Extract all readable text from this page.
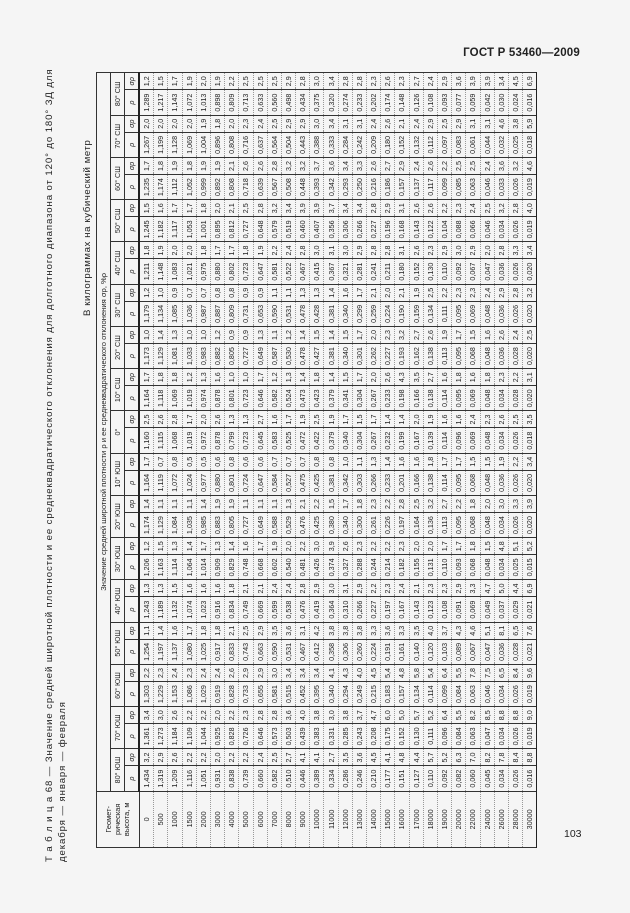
ГОСТ Р 53460—2009
Т а б л и ц а 68 — Значение средней широтной плотности и ее среднеквадратического отклонения для долготного диапазона от 120° до 180° ЗД для декабря — января — февраля
В килограммах на кубический метр
Геомет-рическая высота, м	Значение средней широтной плотности ρ и ее среднеквадратического отклонения σρ, %ρ																																	
	80° ЮШ		70° ЮШ		60° ЮШ		50° ЮШ		40° ЮШ		30° ЮШ		20° ЮШ		10° ЮШ		0°		10° СШ		20° СШ		30° СШ		40° СШ		50° СШ		60° СШ		70° СШ		80° СШ	
	ρ	σρ	ρ	σρ	ρ	σρ	ρ	σρ	ρ	σρ	ρ	σρ	ρ	σρ	ρ	σρ	ρ	σρ	ρ	σρ	ρ	σρ	ρ	σρ	ρ	σρ	ρ	σρ	ρ	σρ	ρ	σρ	ρ	σρ
0	1,434	3,2	1,361	3,4	1,303	2,2	1,254	1,1	1,243	1,3	1,206	1,2	1,174	1,4	1,164	1,7	1,160	2,5	1,164	1,7	1,173	1,0	1,179	1,2	1,211	1,8	1,245	1,5	1,235	1,7	1,267	2,0	1,289	1,2
500	1,319	2,9	1,273	3,0	1,229	2,3	1,197	1,4	1,189	1,3	1,163	1,5	1,129	1,1	1,119	0,7	1,115	2,6	1,118	1,8	1,129	1,4	1,134	1,0	1,148	1,9	1,182	1,6	1,174	1,8	1,199	2,0	1,217	1,5
1000	1,209	2,6	1,184	2,6	1,153	2,4	1,137	1,6	1,132	1,5	1,114	1,3	1,084	1,1	1,072	0,8	1,068	2,8	1,069	1,8	1,081	1,3	1,085	0,9	1,083	2,0	1,117	1,7	1,112	1,9	1,128	2,0	1,143	1,7
1500	1,116	2,2	1,109	2,2	1,086	2,3	1,080	1,7	1,074	1,6	1,064	1,4	1,035	1,1	1,024	0,5	1,019	1,7	1,019	1,2	1,033	1,0	1,036	0,7	1,021	2,0	1,053	1,7	1,052	1,8	1,069	2,0	1,072	1,9
2000	1,051	2,2	1,044	2,2	1,029	2,4	1,025	1,8	1,023	1,6	1,014	1,7	0,985	1,4	0,977	0,5	0,972	2,0	0,974	1,3	0,983	1,0	0,987	0,7	0,975	1,8	1,001	1,8	0,999	1,9	1,004	1,9	1,013	2,0
3000	0,931	2,0	0,925	2,0	0,919	2,4	0,917	1,8	0,916	1,6	0,909	1,3	0,883	1,9	0,880	0,6	0,878	2,6	0,878	1,6	0,882	1,2	0,887	0,8	0,880	1,7	0,895	2,0	0,892	1,9	0,896	1,8	0,898	1,9
4000	0,838	2,2	0,828	2,2	0,828	2,6	0,833	2,1	0,834	1,8	0,829	1,4	0,805	1,9	0,801	0,8	0,799	1,3	0,801	1,0	0,805	0,9	0,809	0,8	0,802	1,7	0,812	2,1	0,808	2,1	0,808	2,0	0,809	2,2
5000	0,739	2,2	0,726	2,3	0,733	2,9	0,743	2,5	0,749	2,1	0,748	1,6	0,727	1,1	0,724	0,6	0,723	1,3	0,723	1,0	0,727	0,9	0,731	0,9	0,723	1,8	0,727	2,5	0,718	2,6	0,716	2,3	0,713	2,5
6000	0,660	2,4	0,646	2,8	0,655	2,9	0,663	2,9	0,669	2,1	0,668	1,7	0,649	1,1	0,647	0,6	0,645	2,7	0,646	1,7	0,649	1,3	0,653	0,9	0,647	1,9	0,648	2,8	0,639	2,6	0,637	2,4	0,633	2,5
7000	0,582	2,5	0,573	2,8	0,581	3,0	0,590	3,5	0,599	2,4	0,602	1,9	0,588	1,1	0,584	0,7	0,583	1,6	0,582	1,2	0,587	1,1	0,590	1,1	0,581	2,2	0,579	3,2	0,567	2,8	0,564	2,5	0,560	2,5
8000	0,510	2,7	0,503	3,6	0,515	3,4	0,531	3,6	0,538	2,4	0,540	2,0	0,529	1,3	0,527	0,7	0,525	1,7	0,524	1,3	0,530	1,2	0,531	1,1	0,522	2,4	0,519	3,4	0,508	3,2	0,504	2,9	0,498	2,9
9000	0,446	4,1	0,439	4,0	0,452	3,4	0,467	3,1	0,476	2,8	0,481	2,2	0,476	2,1	0,475	0,7	0,472	1,9	0,473	1,4	0,478	1,4	0,478	1,3	0,467	2,8	0,460	3,9	0,448	3,2	0,443	2,9	0,434	2,8
10000	0,389	4,1	0,383	3,8	0,395	3,4	0,412	4,2	0,419	2,9	0,426	3,0	0,425	2,2	0,425	0,8	0,422	2,5	0,423	1,8	0,427	1,5	0,428	1,3	0,415	3,0	0,407	3,9	0,393	3,7	0,388	3,0	0,375	3,0
11000	0,334	2,7	0,331	3,0	0,340	4,1	0,358	3,8	0,364	3,0	0,374	3,9	0,380	1,5	0,381	0,8	0,379	1,9	0,379	1,4	0,381	1,4	0,381	1,4	0,367	3,1	0,356	3,7	0,342	3,6	0,333	3,4	0,320	3,4
12000	0,286	3,5	0,285	3,8	0,294	4,3	0,306	3,8	0,310	3,1	0,327	2,6	0,340	1,7	0,342	1,0	0,340	1,7	0,341	1,5	0,340	1,5	0,340	1,6	0,321	3,0	0,306	3,4	0,293	3,4	0,284	3,1	0,274	2,8
13000	0,246	3,6	0,243	3,7	0,249	4,0	0,260	3,8	0,266	2,9	0,288	2,3	0,300	1,8	0,303	1,1	0,304	1,5	0,304	1,7	0,301	1,7	0,299	1,7	0,281	2,9	0,266	3,4	0,250	3,3	0,242	3,1	0,233	2,8
14000	0,210	4,5	0,208	4,7	0,215	4,5	0,224	3,3	0,227	2,2	0,244	2,2	0,261	2,3	0,266	1,3	0,267	1,7	0,267	2,0	0,262	2,0	0,259	2,1	0,241	2,8	0,227	2,8	0,216	2,6	0,209	2,4	0,202	2,3
15000	0,177	4,1	0,175	6,0	0,183	5,4	0,191	3,6	0,197	2,3	0,214	2,2	0,226	2,2	0,233	1,4	0,232	1,4	0,233	2,6	0,227	2,3	0,224	2,0	0,211	2,8	0,196	2,9	0,186	2,7	0,180	2,6	0,174	2,6
16000	0,151	4,8	0,152	5,0	0,157	4,8	0,161	3,3	0,167	2,4	0,182	2,3	0,197	2,8	0,201	1,6	0,199	1,4	0,198	4,3	0,193	3,2	0,190	2,1	0,180	3,1	0,168	3,1	0,157	2,9	0,152	2,1	0,148	2,3
17000	0,127	4,4	0,130	5,7	0,134	5,8	0,140	3,5	0,143	2,1	0,155	2,0	0,164	2,5	0,166	1,6	0,167	2,0	0,166	3,5	0,162	2,7	0,159	1,9	0,152	2,6	0,143	2,6	0,137	2,4	0,132	2,4	0,126	2,7
18000	0,110	5,7	0,111	5,2	0,114	5,4	0,120	4,0	0,123	2,3	0,131	2,0	0,136	3,2	0,138	1,8	0,139	1,9	0,138	2,7	0,138	2,6	0,134	2,5	0,130	2,3	0,122	2,6	0,117	2,6	0,112	2,9	0,108	2,4
19000	0,092	5,2	0,096	6,4	0,099	6,4	0,103	3,7	0,108	2,3	0,110	1,7	0,113	2,7	0,114	1,7	0,114	1,6	0,114	1,6	0,113	1,9	0,111	2,2	0,110	2,9	0,104	2,2	0,099	2,2	0,097	2,5	0,093	2,9
20000	0,082	6,3	0,084	5,5	0,084	5,5	0,089	4,3	0,091	2,9	0,093	1,7	0,095	2,2	0,095	1,7	0,096	1,6	0,095	1,8	0,095	1,7	0,095	2,3	0,092	3,0	0,088	2,3	0,085	2,5	0,083	2,9	0,077	3,6
22000	0,060	7,0	0,063	8,2	0,063	7,8	0,067	4,6	0,069	3,3	0,068	1,8	0,068	1,8	0,068	1,5	0,069	2,4	0,069	1,6	0,068	1,5	0,069	2,3	0,067	2,9	0,066	2,4	0,063	2,5	0,061	3,1	0,059	3,9
24000	0,045	8,2	0,047	8,5	0,046	7,5	0,047	5,1	0,049	4,7	0,048	1,5	0,048	2,0	0,048	1,5	0,048	2,3	0,048	1,8	0,048	1,6	0,048	2,4	0,047	2,0	0,046	2,5	0,046	2,4	0,044	3,1	0,042	3,9
26000	0,034	7,8	0,034	8,8	0,034	6,5	0,036	8,1	0,037	5,0	0,034	4,8	0,034	3,0	0,036	1,9	0,034	2,6	0,034	2,3	0,036	2,6	0,036	2,9	0,036	2,8	0,034	3,2	0,033	3,6	0,032	4,6	0,030	3,4
28000	0,026	8,4	0,026	8,8	0,026	8,4	0,028	6,5	0,029	4,4	0,025	5,1	0,026	3,3	0,026	2,2	0,026	2,5	0,028	2,2	0,028	2,4	0,026	2,8	0,026	3,3	0,026	2,8	0,026	3,2	0,025	3,8	0,024	4,5
30000	0,016	8,8	0,019	9,0	0,019	9,6	0,021	7,6	0,021	6,9	0,015	5,2	0,020	3,9	0,020	3,4	0,018	3,5	0,020	3,1	0,020	2,5	0,020	3,2	0,020	3,4	0,019	4,0	0,019	4,6	0,018	5,9	0,016	6,9
103
